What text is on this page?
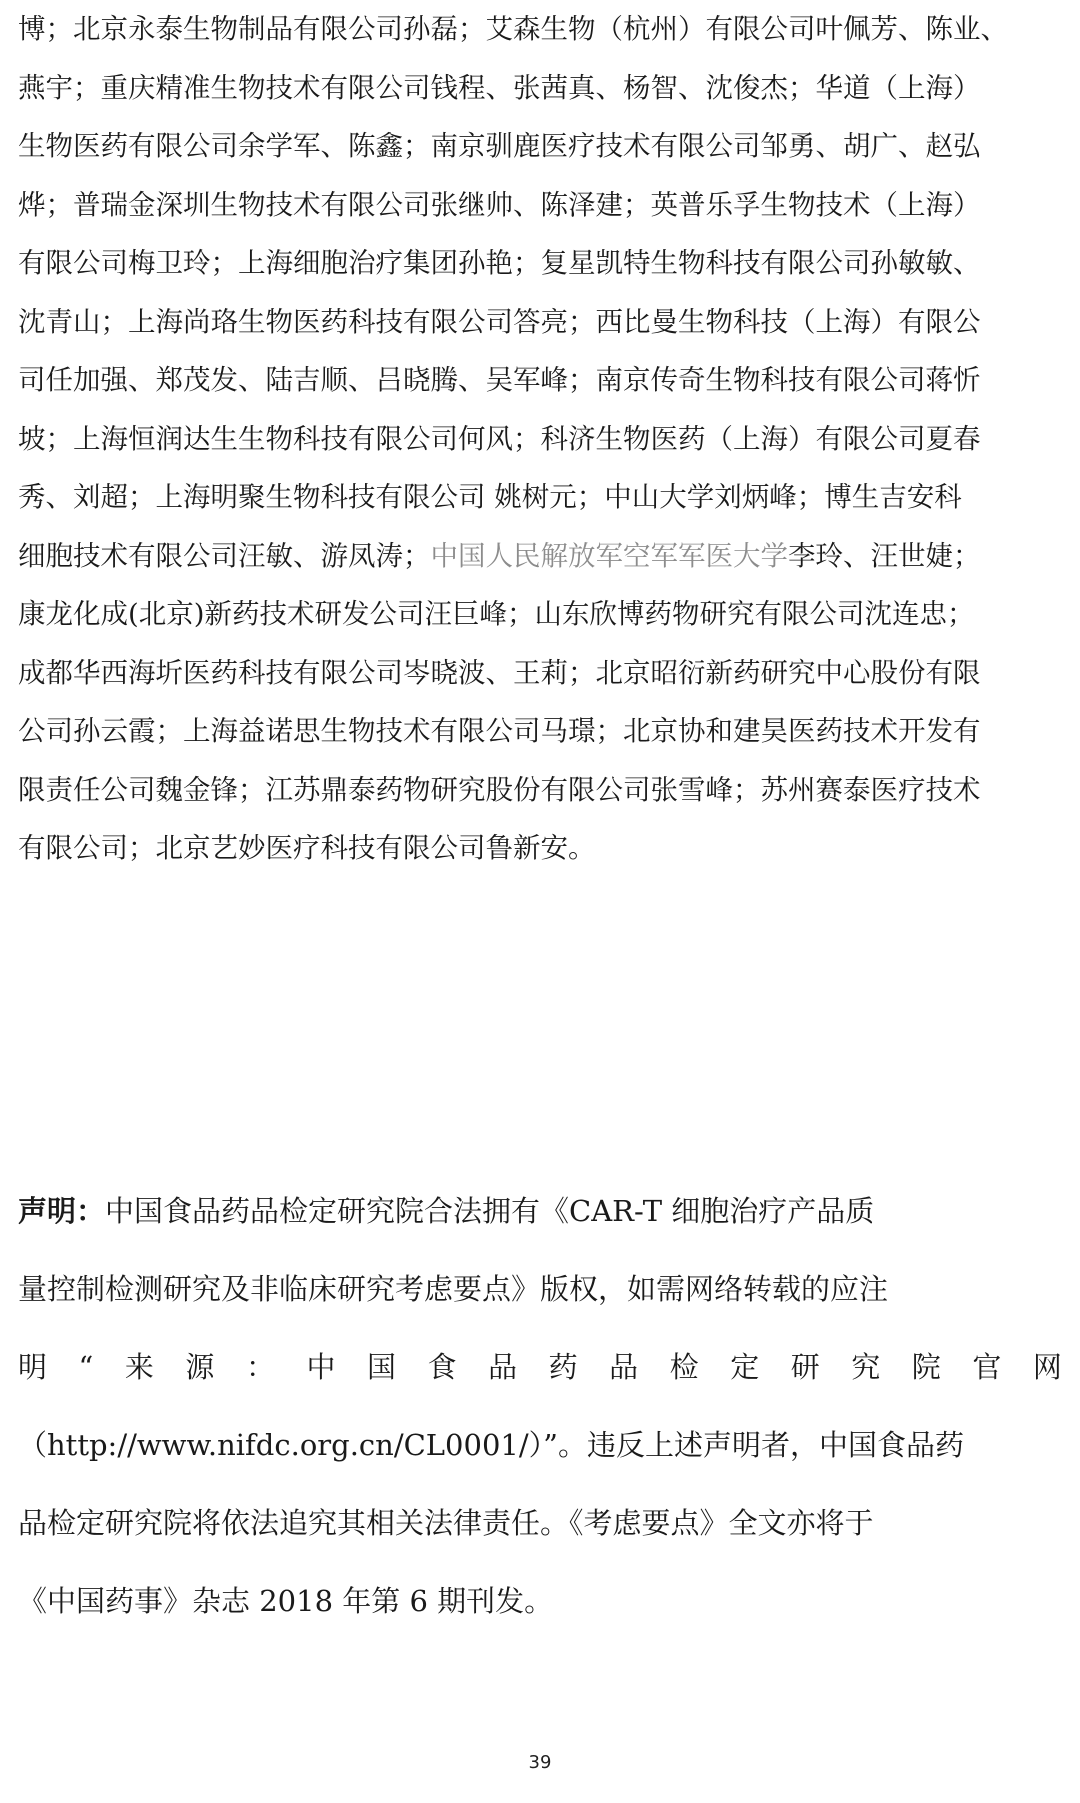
博；北京永泰生物制品有限公司孙磊；艾森生物（杭州）有限公司叶佩芳、陈业、
燕宇；重庆精准生物技术有限公司钱程、张茜真、杨智、沈俊杰；华道（上海）
生物医药有限公司余学军、陈鑫；南京驯鹿医疗技术有限公司邹勇、胡广、赵弘
烨；普瑞金深圳生物技术有限公司张继帅、陈泽建；英普乐孚生物技术（上海）
有限公司梅卫玲；上海细胞治疗集团孙艳；复星凯特生物科技有限公司孙敏敏、
沈青山；上海尚珞生物医药科技有限公司答亮；西比曼生物科技（上海）有限公
司任加强、郑茂发、陆吉顺、吕晓腾、吴军峰；南京传奇生物科技有限公司蒋忻
坡；上海恒润达生生物科技有限公司何风；科济生物医药（上海）有限公司夏春
秀、刘超；上海明聚生物科技有限公司 姚树元；中山大学刘炳峰；博生吉安科
细胞技术有限公司汪敏、游凤涛；中国人民解放军空军军医大学李玲、汪世婕；
康龙化成(北京)新药技术研发公司汪巨峰；山东欣博药物研究有限公司沈连忠；
成都华西海圻医药科技有限公司岑晓波、王莉；北京昭衍新药研究中心股份有限
公司孙云霞；上海益诺思生物技术有限公司马璟；北京协和建昊医药技术开发有
限责任公司魏金锋；江苏鼎泰药物研究股份有限公司张雪峰；苏州赛泰医疗技术
有限公司；北京艺妙医疗科技有限公司鲁新安。
声明：中国食品药品检定研究院合法拥有《CAR-T 细胞治疗产品质
量控制检测研究及非临床研究考虑要点》版权，如需网络转载的应注
明 “ 来 源 ： 中 国 食 品 药 品 检 定 研 究 院 官 网
（http://www.nifdc.org.cn/CL0001/）”。违反上述声明者，中国食品药
品检定研究院将依法追究其相关法律责任。《考虑要点》全文亦将于
《中国药事》杂志 2018 年第 6 期刊发。
39
